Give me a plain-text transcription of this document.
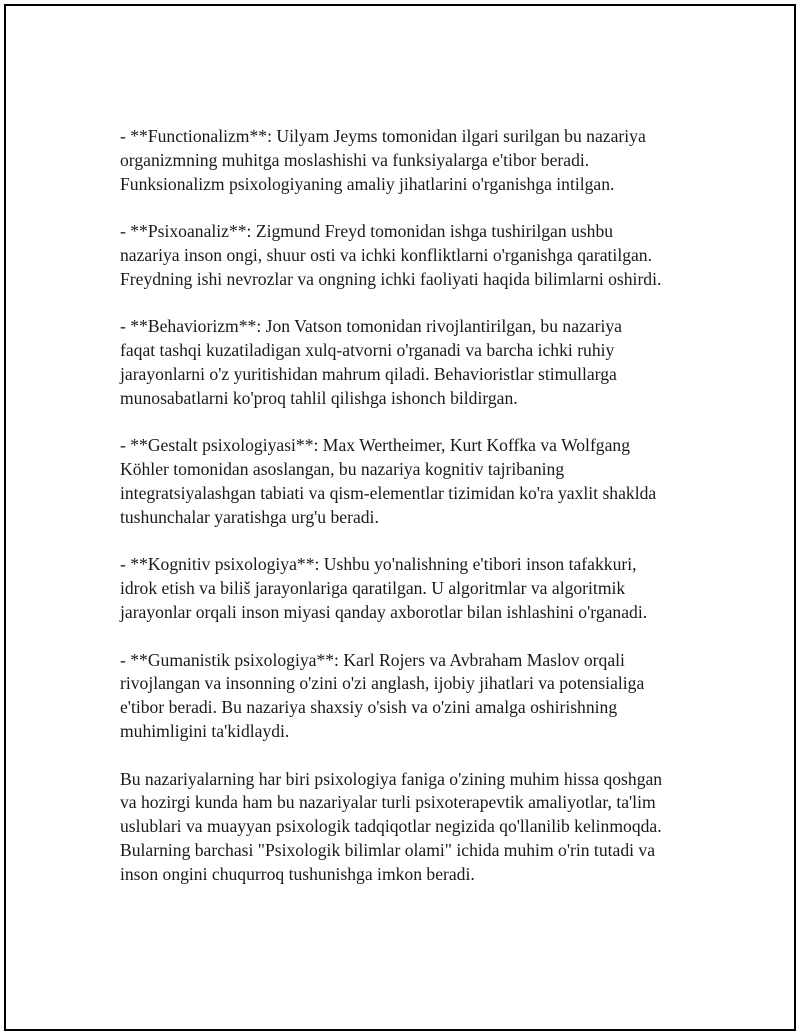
- **Functionalizm**: Uilyam Jeyms tomonidan ilgari surilgan bu nazariya
organizmning muhitga moslashishi va funksiyalarga e'tibor beradi.
Funksionalizm psixologiyaning amaliy jihatlarini o'rganishga intilgan.

- **Psixoanaliz**: Zigmund Freyd tomonidan ishga tushirilgan ushbu
nazariya inson ongi, shuur osti va ichki konfliktlarni o'rganishga qaratilgan.
Freydning ishi nevrozlar va ongning ichki faoliyati haqida bilimlarni oshirdi.

- **Behaviorizm**: Jon Vatson tomonidan rivojlantirilgan, bu nazariya
faqat tashqi kuzatiladigan xulq-atvorni o'rganadi va barcha ichki ruhiy
jarayonlarni o'z yuritishidan mahrum qiladi. Behavioristlar stimullarga
munosabatlarni ko'proq tahlil qilishga ishonch bildirgan.

- **Gestalt psixologiyasi**: Max Wertheimer, Kurt Koffka va Wolfgang
Köhler tomonidan asoslangan, bu nazariya kognitiv tajribaning
integratsiyalashgan tabiati va qism-elementlar tizimidan ko'ra yaxlit shaklda
tushunchalar yaratishga urg'u beradi.

- **Kognitiv psixologiya**: Ushbu yo'nalishning e'tibori inson tafakkuri,
idrok etish va biliš jarayonlariga qaratilgan. U algoritmlar va algoritmik
jarayonlar orqali inson miyasi qanday axborotlar bilan ishlashini o'rganadi.

- **Gumanistik psixologiya**: Karl Rojers va Avbraham Maslov orqali
rivojlangan va insonning o'zini o'zi anglash, ijobiy jihatlari va potensialiga
e'tibor beradi. Bu nazariya shaxsiy o'sish va o'zini amalga oshirishning
muhimligini ta'kidlaydi.

Bu nazariyalarning har biri psixologiya faniga o'zining muhim hissa qoshgan
va hozirgi kunda ham bu nazariyalar turli psixoterapevtik amaliyotlar, ta'lim
uslublari va muayyan psixologik tadqiqotlar negizida qo'llanilib kelinmoqda.
Bularning barchasi "Psixologik bilimlar olami" ichida muhim o'rin tutadi va
inson ongini chuqurroq tushunishga imkon beradi.
